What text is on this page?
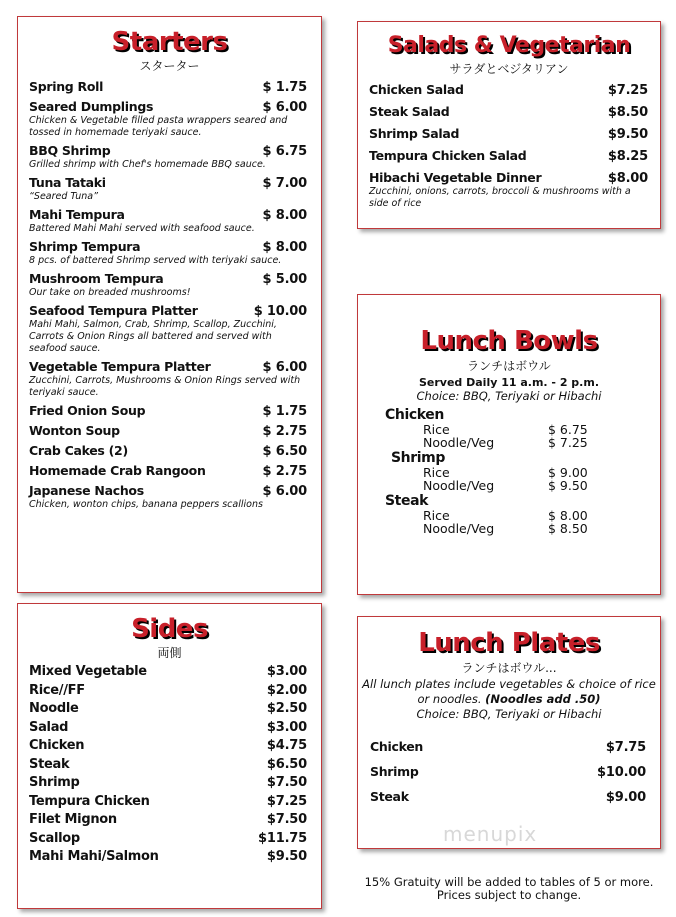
Starters
スターター
Spring Roll	$ 1.75
Seared Dumplings	$ 6.00
Chicken & Vegetable filled pasta wrappers seared and tossed in homemade teriyaki sauce.
BBQ Shrimp	$ 6.75
Grilled shrimp with Chef's homemade BBQ sauce.
Tuna Tataki	$ 7.00
“Seared Tuna”
Mahi Tempura	$ 8.00
Battered Mahi Mahi served with seafood sauce.
Shrimp Tempura	$ 8.00
8 pcs. of battered Shrimp served with teriyaki sauce.
Mushroom Tempura	$ 5.00
Our take on breaded mushrooms!
Seafood Tempura Platter	$ 10.00
Mahi Mahi, Salmon, Crab, Shrimp, Scallop, Zucchini, Carrots & Onion Rings all battered and served with seafood sauce.
Vegetable Tempura Platter	$ 6.00
Zucchini, Carrots, Mushrooms & Onion Rings served with teriyaki sauce.
Fried Onion Soup	$ 1.75
Wonton Soup	$ 2.75
Crab Cakes (2)	$ 6.50
Homemade Crab Rangoon	$ 2.75
Japanese Nachos	$ 6.00
Chicken, wonton chips, banana peppers scallions
Salads & Vegetarian
サラダとベジタリアン
Chicken Salad	$7.25
Steak Salad	$8.50
Shrimp Salad	$9.50
Tempura Chicken Salad	$8.25
Hibachi Vegetable Dinner	$8.00
Zucchini, onions, carrots, broccoli & mushrooms with a side of rice
Lunch Bowls
ランチはボウル
Served Daily 11 a.m. - 2 p.m.
Choice: BBQ, Teriyaki or Hibachi
Chicken
Rice	$ 6.75
Noodle/Veg	$ 7.25
Shrimp
Rice	$ 9.00
Noodle/Veg	$ 9.50
Steak
Rice	$ 8.00
Noodle/Veg	$ 8.50
Sides
両側
Mixed Vegetable	$3.00
Rice//FF	$2.00
Noodle	$2.50
Salad	$3.00
Chicken	$4.75
Steak	$6.50
Shrimp	$7.50
Tempura Chicken	$7.25
Filet Mignon	$7.50
Scallop	$11.75
Mahi Mahi/Salmon	$9.50
Lunch Plates
ランチはボウル...
All lunch plates include vegetables & choice of rice or noodles. (Noodles add .50)
Choice: BBQ, Teriyaki or Hibachi
Chicken	$7.75
Shrimp	$10.00
Steak	$9.00
menupix
15% Gratuity will be added to tables of 5 or more.
Prices subject to change.
